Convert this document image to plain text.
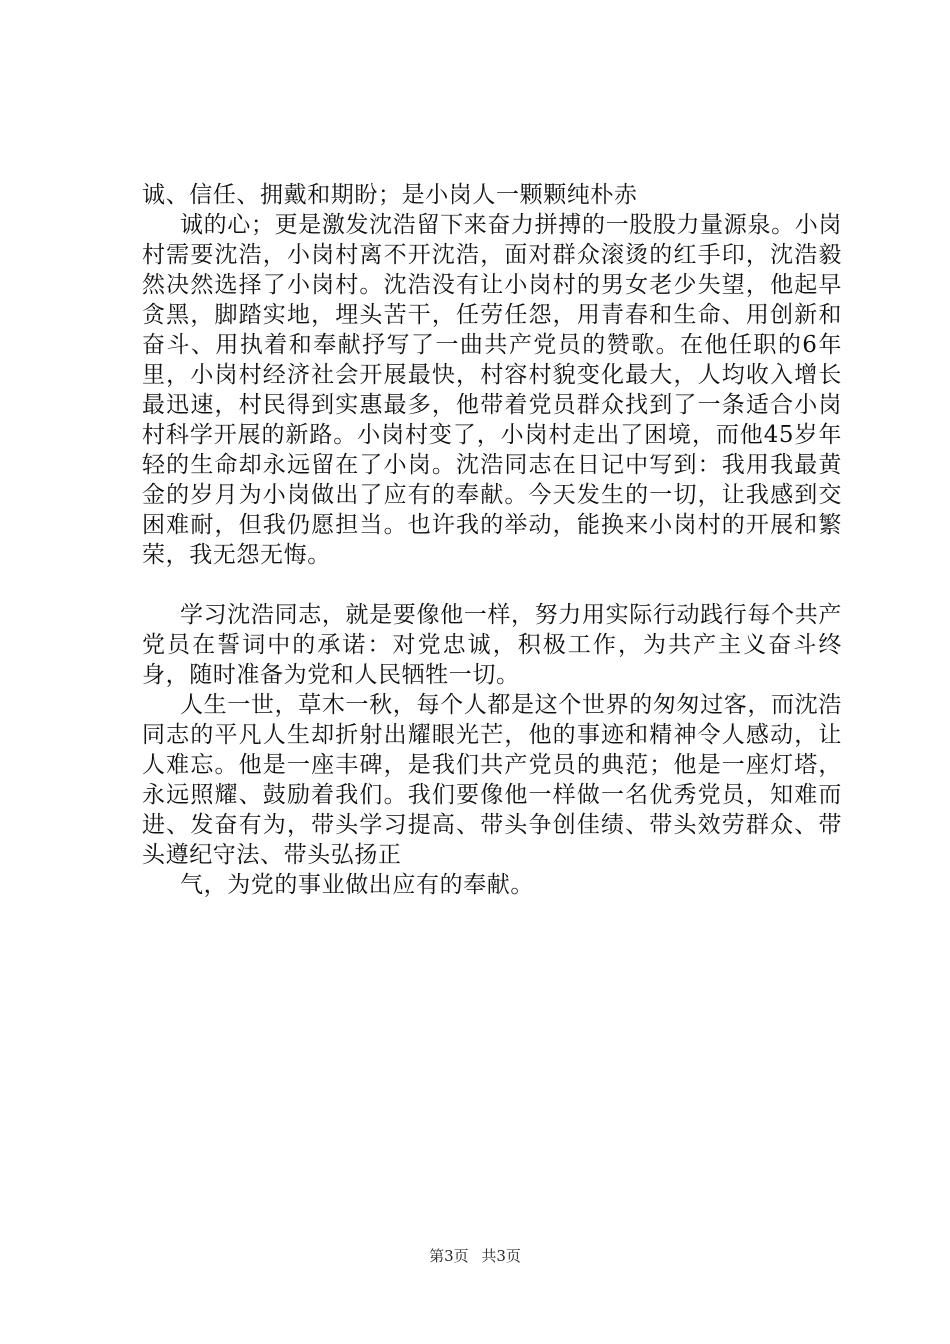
诚、信任、拥戴和期盼；是小岗人一颗颗纯朴赤

诚的心；更是激发沈浩留下来奋力拼搏的一股股力量源泉。小岗村需要沈浩，小岗村离不开沈浩，面对群众滚烫的红手印，沈浩毅然决然选择了小岗村。沈浩没有让小岗村的男女老少失望，他起早贪黑，脚踏实地，埋头苦干，任劳任怨，用青春和生命、用创新和奋斗、用执着和奉献抒写了一曲共产党员的赞歌。在他任职的6年里，小岗村经济社会开展最快，村容村貌变化最大，人均收入增长最迅速，村民得到实惠最多，他带着党员群众找到了一条适合小岗村科学开展的新路。小岗村变了，小岗村走出了困境，而他45岁年轻的生命却永远留在了小岗。沈浩同志在日记中写到：我用我最黄金的岁月为小岗做出了应有的奉献。今天发生的一切，让我感到交困难耐，但我仍愿担当。也许我的举动，能换来小岗村的开展和繁荣，我无怨无悔。

学习沈浩同志，就是要像他一样，努力用实际行动践行每个共产党员在誓词中的承诺：对党忠诚，积极工作，为共产主义奋斗终身，随时准备为党和人民牺牲一切。

人生一世，草木一秋，每个人都是这个世界的匆匆过客，而沈浩同志的平凡人生却折射出耀眼光芒，他的事迹和精神令人感动，让人难忘。他是一座丰碑，是我们共产党员的典范；他是一座灯塔，永远照耀、鼓励着我们。我们要像他一样做一名优秀党员，知难而进、发奋有为，带头学习提高、带头争创佳绩、带头效劳群众、带头遵纪守法、带头弘扬正

气，为党的事业做出应有的奉献。

第3页 共3页
